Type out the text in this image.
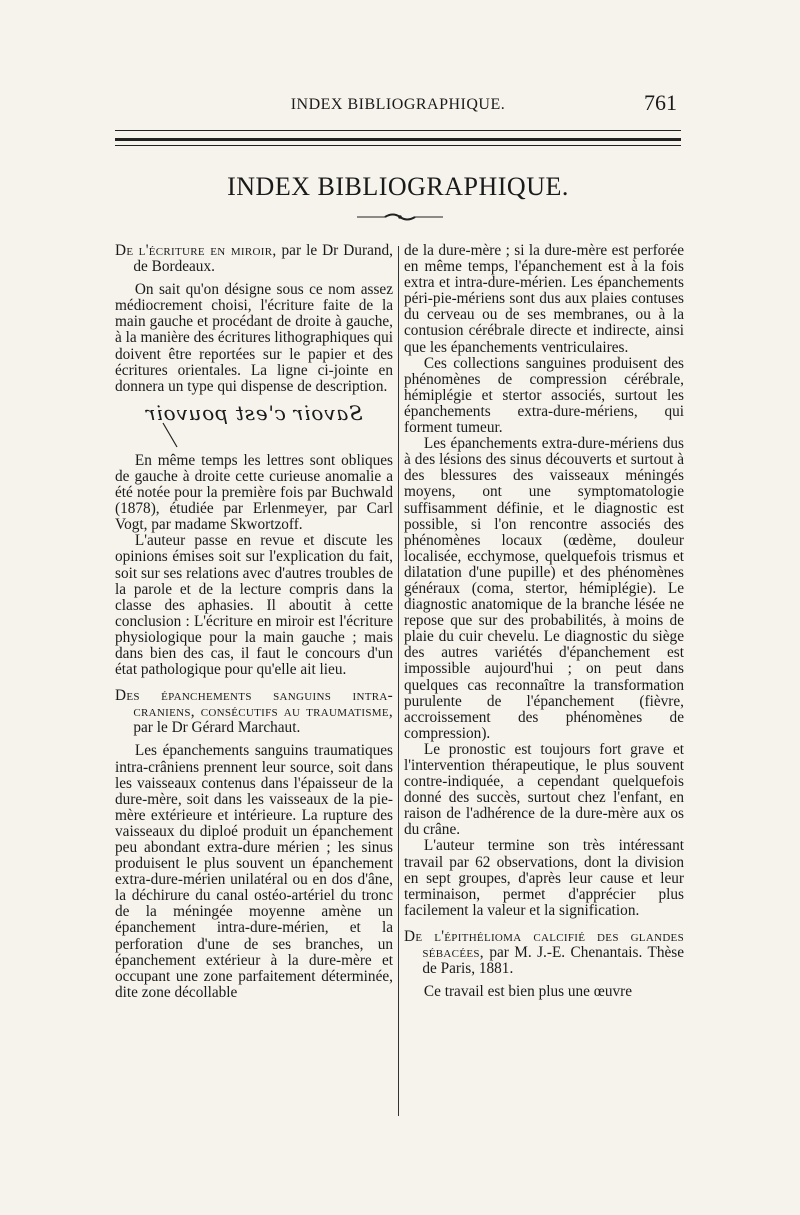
INDEX BIBLIOGRAPHIQUE.	761
INDEX BIBLIOGRAPHIQUE.

De l'écriture en miroir, par le Dr Durand, de Bordeaux.

On sait qu'on désigne sous ce nom assez médiocrement choisi, l'écriture faite de la main gauche et procédant de droite à gauche, à la manière des écritures lithographiques qui doivent être reportées sur le papier et des écritures orientales. La ligne ci-jointe en donnera un type qui dispense de description.

Savoir c'est pouvoir

En même temps les lettres sont obliques de gauche à droite cette curieuse anomalie a été notée pour la première fois par Buchwald (1878), étudiée par Erlenmeyer, par Carl Vogt, par madame Skwortzoff.

L'auteur passe en revue et discute les opinions émises soit sur l'explication du fait, soit sur ses relations avec d'autres troubles de la parole et de la lecture compris dans la classe des aphasies. Il aboutit à cette conclusion : L'écriture en miroir est l'écriture physiologique pour la main gauche ; mais dans bien des cas, il faut le concours d'un état pathologique pour qu'elle ait lieu.

Des épanchements sanguins intra-craniens, consécutifs au traumatisme, par le Dr Gérard Marchaut.

Les épanchements sanguins traumatiques intra-crâniens prennent leur source, soit dans les vaisseaux contenus dans l'épaisseur de la dure-mère, soit dans les vaisseaux de la pie-mère extérieure et intérieure. La rupture des vaisseaux du diploé produit un épanchement peu abondant extra-dure mérien ; les sinus produisent le plus souvent un épanchement extra-dure-mérien unilatéral ou en dos d'âne, la déchirure du canal ostéo-artériel du tronc de la méningée moyenne amène un épanchement intra-dure-mérien, et la perforation d'une de ses branches, un épanchement extérieur à la dure-mère et occupant une zone parfaitement déterminée, dite zone décollable

de la dure-mère ; si la dure-mère est perforée en même temps, l'épanchement est à la fois extra et intra-dure-mérien. Les épanchements péri-pie-mériens sont dus aux plaies contuses du cerveau ou de ses membranes, ou à la contusion cérébrale directe et indirecte, ainsi que les épanchements ventriculaires.

Ces collections sanguines produisent des phénomènes de compression cérébrale, hémiplégie et stertor associés, surtout les épanchements extra-dure-mériens, qui forment tumeur.

Les épanchements extra-dure-mériens dus à des lésions des sinus découverts et surtout à des blessures des vaisseaux méningés moyens, ont une symptomatologie suffisamment définie, et le diagnostic est possible, si l'on rencontre associés des phénomènes locaux (œdème, douleur localisée, ecchymose, quelquefois trismus et dilatation d'une pupille) et des phénomènes généraux (coma, stertor, hémiplégie). Le diagnostic anatomique de la branche lésée ne repose que sur des probabilités, à moins de plaie du cuir chevelu. Le diagnostic du siège des autres variétés d'épanchement est impossible aujourd'hui ; on peut dans quelques cas reconnaître la transformation purulente de l'épanchement (fièvre, accroissement des phénomènes de compression).

Le pronostic est toujours fort grave et l'intervention thérapeutique, le plus souvent contre-indiquée, a cependant quelquefois donné des succès, surtout chez l'enfant, en raison de l'adhérence de la dure-mère aux os du crâne.

L'auteur termine son très intéressant travail par 62 observations, dont la division en sept groupes, d'après leur cause et leur terminaison, permet d'apprécier plus facilement la valeur et la signification.

De l'épithélioma calcifié des glandes sébacées, par M. J.-E. Chenantais. Thèse de Paris, 1881.

Ce travail est bien plus une œuvre
